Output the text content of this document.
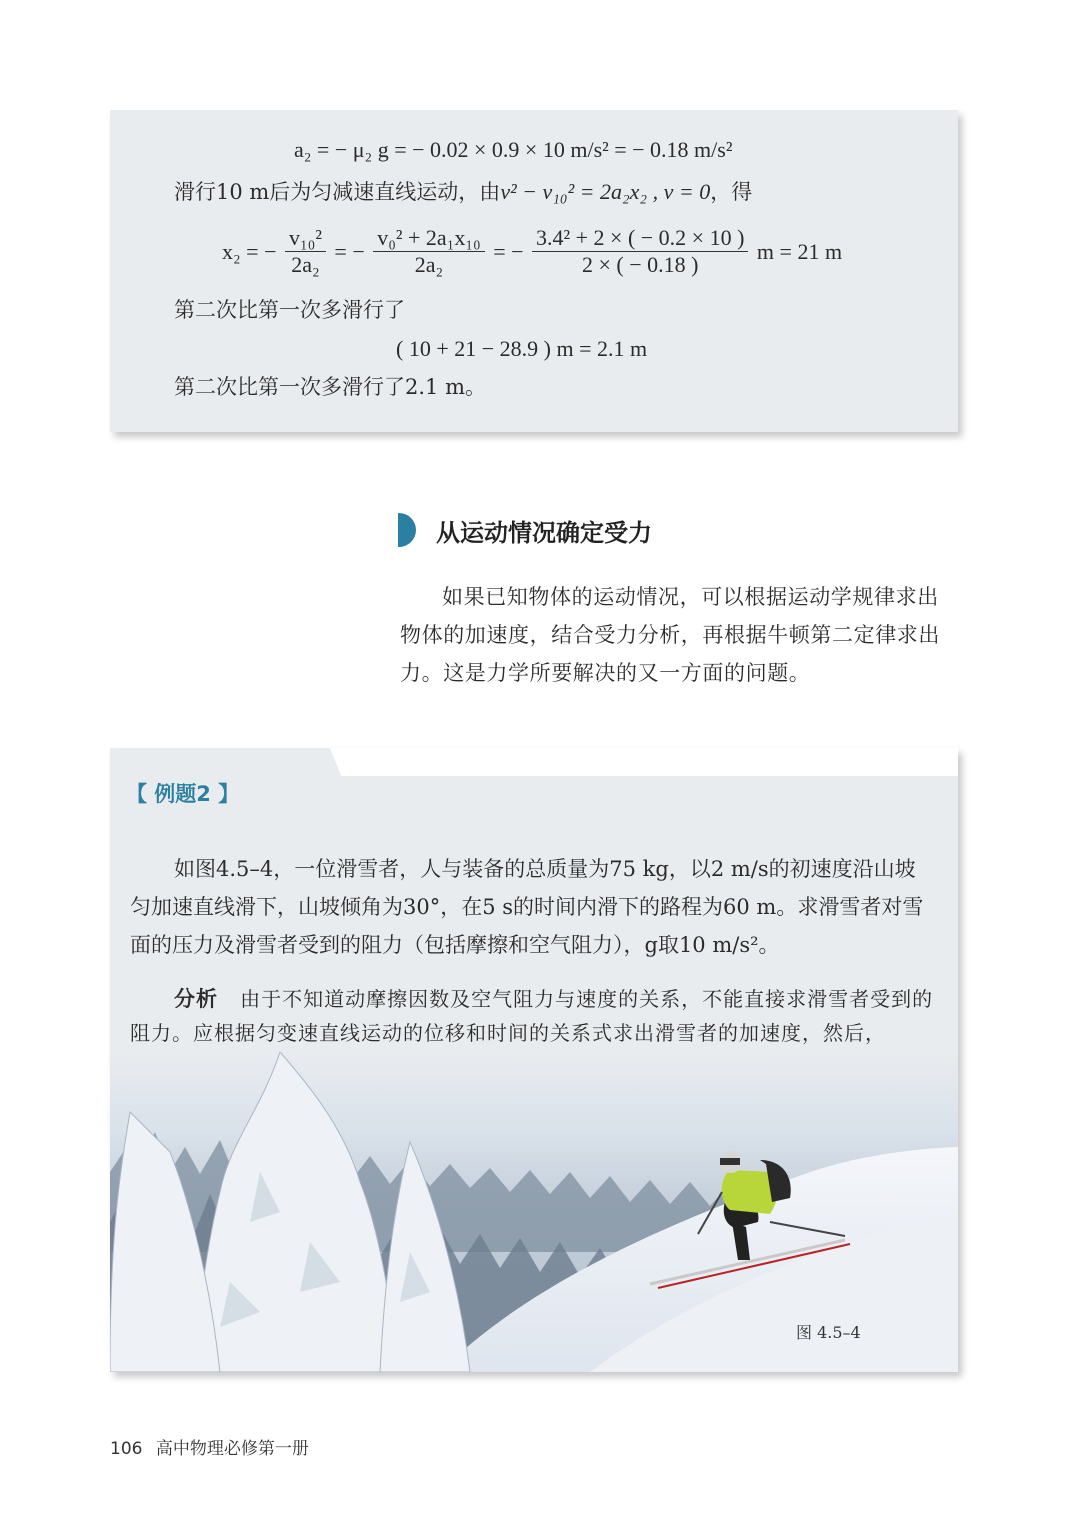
a₂ = − μ₂ g = − 0.02 × 0.9 × 10 m/s² = − 0.18 m/s²
滑行10 m后为匀减速直线运动，由v² − v₁₀² = 2a₂x₂ , v = 0，得
x₂ = − $\frac{\text{v₁₀²}}{\text{2a₂}}$ = − $\frac{\text{v₀² + 2a₁x₁₀}}{\text{2a₂}}$ = − $\frac{\text{3.4² + 2 × ( − 0.2 × 10 )}}{2 \times ( - 0.18 )}$ m = 21 m
第二次比第一次多滑行了
( 10 + 21 − 28.9 ) m = 2.1 m
第二次比第一次多滑行了2.1 m。
从运动情况确定受力
如果已知物体的运动情况，可以根据运动学规律求出物体的加速度，结合受力分析，再根据牛顿第二定律求出力。这是力学所要解决的又一方面的问题。
【 例题2 】
如图4.5–4，一位滑雪者，人与装备的总质量为75 kg，以2 m/s的初速度沿山坡匀加速直线滑下，山坡倾角为30°，在5 s的时间内滑下的路程为60 m。求滑雪者对雪面的压力及滑雪者受到的阻力（包括摩擦和空气阻力），g取10 m/s²。
分析 由于不知道动摩擦因数及空气阻力与速度的关系，不能直接求滑雪者受到的阻力。应根据匀变速直线运动的位移和时间的关系式求出滑雪者的加速度，然后，
图 4.5–4
106 高中物理必修第一册
